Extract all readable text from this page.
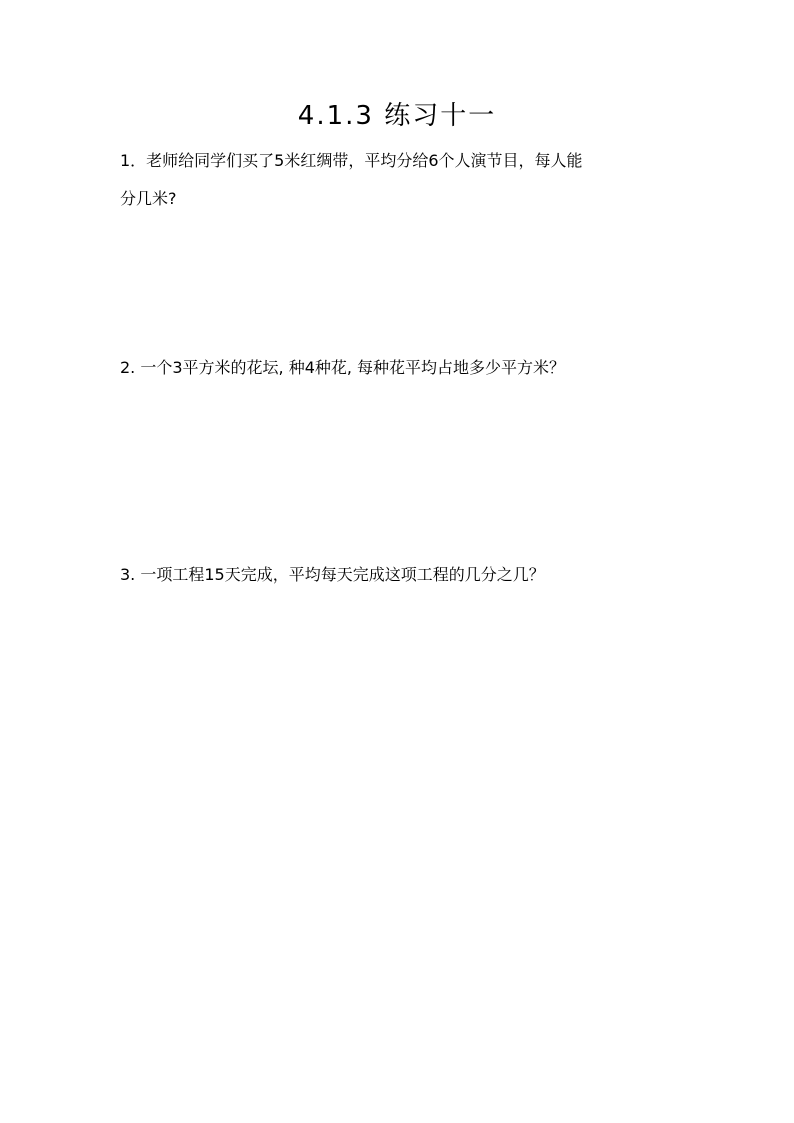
4.1.3 练习十一
1．老师给同学们买了5米红绸带，平均分给6个人演节目，每人能
分几米?
2. 一个3平方米的花坛, 种4种花, 每种花平均占地多少平方米？
3. 一项工程15天完成，平均每天完成这项工程的几分之几？
